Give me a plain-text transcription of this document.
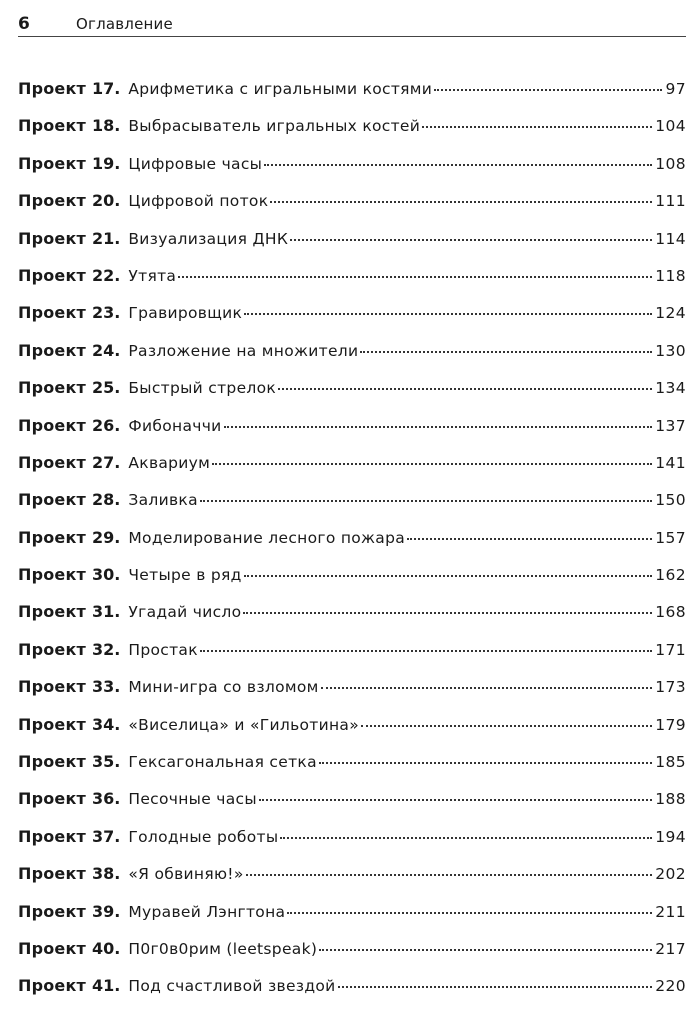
6	Оглавление
Проект 17. Арифметика с игральными костями	97
Проект 18. Выбрасыватель игральных костей	104
Проект 19. Цифровые часы	108
Проект 20. Цифровой поток	111
Проект 21. Визуализация ДНК	114
Проект 22. Утята	118
Проект 23. Гравировщик	124
Проект 24. Разложение на множители	130
Проект 25. Быстрый стрелок	134
Проект 26. Фибоначчи	137
Проект 27. Аквариум	141
Проект 28. Заливка	150
Проект 29. Моделирование лесного пожара	157
Проект 30. Четыре в ряд	162
Проект 31. Угадай число	168
Проект 32. Простак	171
Проект 33. Мини-игра со взломом	173
Проект 34. «Виселица» и «Гильотина»	179
Проект 35. Гексагональная сетка	185
Проект 36. Песочные часы	188
Проект 37. Голодные роботы	194
Проект 38. «Я обвиняю!»	202
Проект 39. Муравей Лэнгтона	211
Проект 40. П0г0в0рим (leetspeak)	217
Проект 41. Под счастливой звездой	220
